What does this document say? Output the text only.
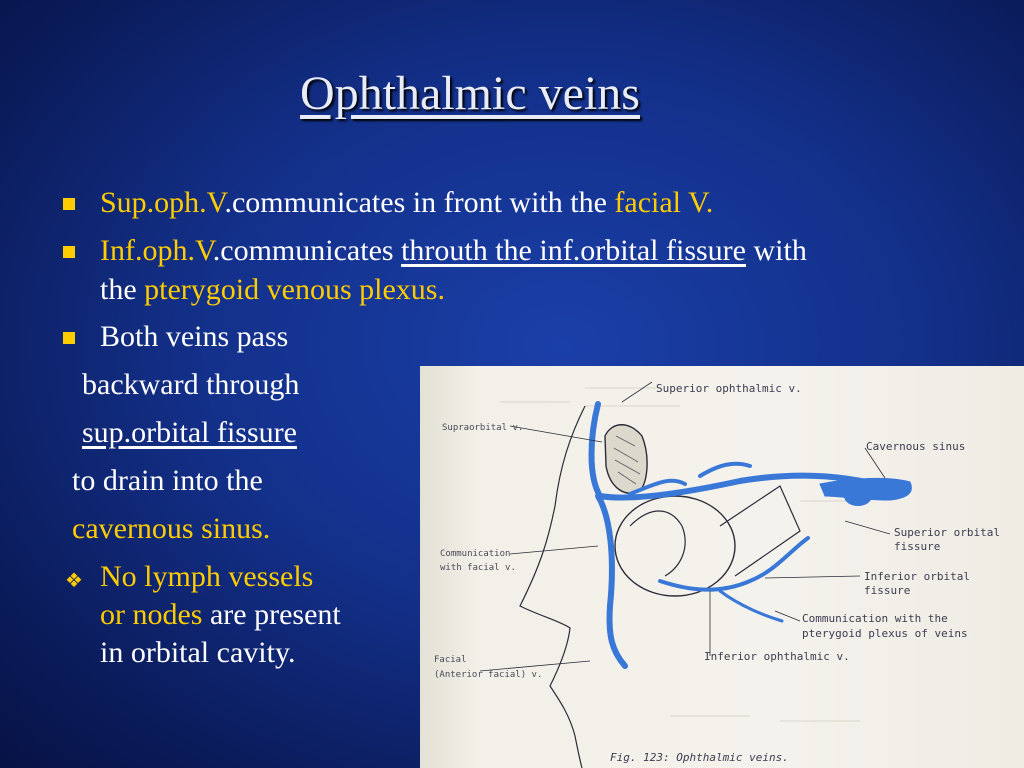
Ophthalmic veins
Sup.oph.V.communicates in front with the facial V.
Inf.oph.V.communicates throuth the inf.orbital fissure with
the pterygoid venous plexus.
Both veins pass
backward through
sup.orbital fissure
to drain into the
cavernous sinus.
❖ No lymph vessels
or nodes are present
in orbital cavity.
Superior ophthalmic v.
Supraorbital v.
Cavernous sinus
Superior orbital
fissure
Communication
with facial v.
Inferior orbital
fissure
Communication with the
pterygoid plexus of veins
Inferior ophthalmic v.
Facial
(Anterior facial) v.
Fig. 123: Ophthalmic veins.
